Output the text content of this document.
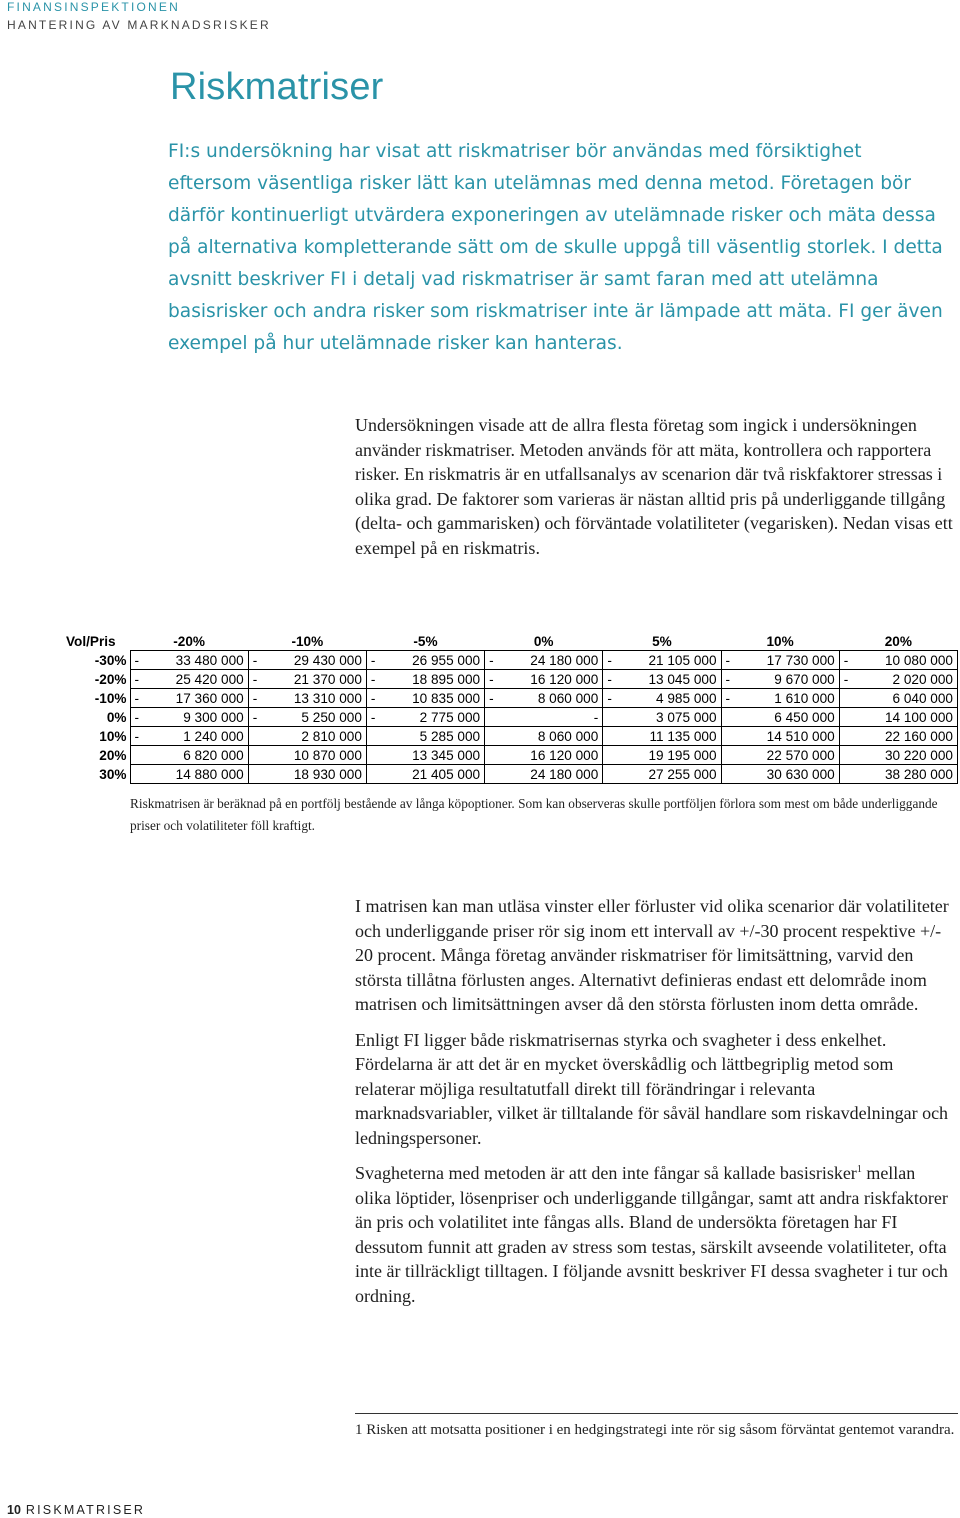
FINANSINSPEKTIONEN
HANTERING AV MARKNADSRISKER
Riskmatriser

FI:s undersökning har visat att riskmatriser bör användas med försiktighet eftersom väsentliga risker lätt kan utelämnas med denna metod. Företagen bör därför kontinuerligt utvärdera exponeringen av utelämnade risker och mäta dessa på alternativa kompletterande sätt om de skulle uppgå till väsentlig storlek. I detta avsnitt beskriver FI i detalj vad riskmatriser är samt faran med att utelämna basisrisker och andra risker som riskmatriser inte är lämpade att mäta. FI ger även exempel på hur utelämnade risker kan hanteras.

Undersökningen visade att de allra flesta företag som ingick i undersökningen använder riskmatriser. Metoden används för att mäta, kontrollera och rapportera risker. En riskmatris är en utfallsanalys av scenarion där två riskfaktorer stressas i olika grad. De faktorer som varieras är nästan alltid pris på underliggande tillgång (delta- och gammarisken) och förväntade volatiliteter (vegarisken). Nedan visas ett exempel på en riskmatris.

Vol/Pris	-20%	-10%	-5%	0%	5%	10%	20%
-30%	- 33 480 000	- 29 430 000	- 26 955 000	- 24 180 000	- 21 105 000	- 17 730 000	- 10 080 000

-20%	- 25 420 000	- 21 370 000	- 18 895 000	- 16 120 000	- 13 045 000	- 9 670 000	- 2 020 000

-10%	- 17 360 000	- 13 310 000	- 10 835 000	- 8 060 000	- 4 985 000	- 1 610 000	6 040 000

0%	- 9 300 000	- 5 250 000	- 2 775 000	-	3 075 000	6 450 000	14 100 000

10%	- 1 240 000	2 810 000	5 285 000	8 060 000	11 135 000	14 510 000	22 160 000

20%	6 820 000	10 870 000	13 345 000	16 120 000	19 195 000	22 570 000	30 220 000

30%	14 880 000	18 930 000	21 405 000	24 180 000	27 255 000	30 630 000	38 280 000

Riskmatrisen är beräknad på en portfölj bestående av långa köpoptioner. Som kan observeras skulle portföljen förlora som mest om både underliggande priser och volatiliteter föll kraftigt.

I matrisen kan man utläsa vinster eller förluster vid olika scenarior där volatiliteter och underliggande priser rör sig inom ett intervall av +/-30 procent respektive +/- 20 procent. Många företag använder riskmatriser för limitsättning, varvid den största tillåtna förlusten anges. Alternativt definieras endast ett delområde inom matrisen och limitsättningen avser då den största förlusten inom detta område.

Enligt FI ligger både riskmatrisernas styrka och svagheter i dess enkelhet. Fördelarna är att det är en mycket överskådlig och lättbegriplig metod som relaterar möjliga resultatutfall direkt till förändringar i relevanta marknadsvariabler, vilket är tilltalande för såväl handlare som riskavdelningar och ledningspersoner.

Svagheterna med metoden är att den inte fångar så kallade basisrisker$^1$ mellan olika löptider, lösenpriser och underliggande tillgångar, samt att andra riskfaktorer än pris och volatilitet inte fångas alls. Bland de undersökta företagen har FI dessutom funnit att graden av stress som testas, särskilt avseende volatiliteter, ofta inte är tillräckligt tilltagen. I följande avsnitt beskriver FI dessa svagheter i tur och ordning.

1 Risken att motsatta positioner i en hedgingstrategi inte rör sig såsom förväntat gentemot varandra.

10 RISKMATRISER
